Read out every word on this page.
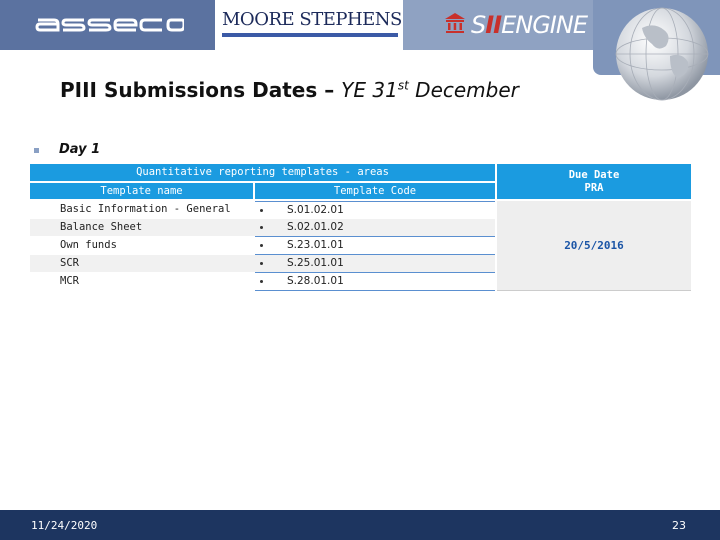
MOORE STEPHENS	SIIENGINE
PIII Submissions Dates – YE 31st December
Day 1
Quantitative reporting templates - areas
Template name	Template Code
Due Date
PRA
20/5/2016
Basic Information - General	S.01.02.01
Balance Sheet	S.02.01.02
Own funds	S.23.01.01
SCR	S.25.01.01
MCR	S.28.01.01
11/24/2020	23
